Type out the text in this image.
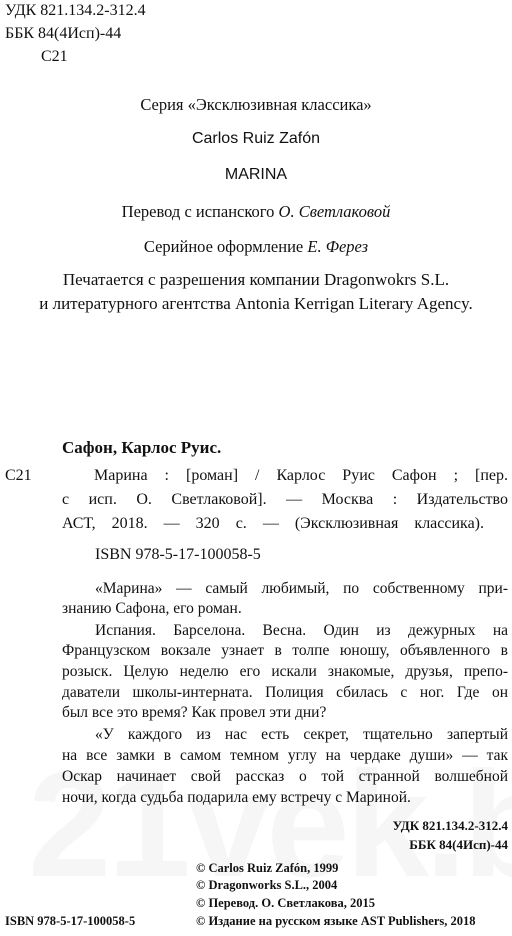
УДК 821.134.2-312.4
ББК 84(4Исп)-44
С21
Серия «Эксклюзивная классика»
Carlos Ruiz Zafón
MARINA
Перевод с испанского О. Светлаковой
Серийное оформление Е. Ферез
Печатается с разрешения компании Dragonwokrs S.L.
и литературного агентства Antonia Kerrigan Literary Agency.
Сафон, Карлос Руис.
С21	Марина : [роман] / Карлос Руис Сафон ; [пер.
с исп. О. Светлаковой]. — Москва : Издательство
АСТ, 2018. — 320 с. — (Эксклюзивная классика).
ISBN 978-5-17-100058-5
«Марина» — самый любимый, по собственному при-
знанию Сафона, его роман.
Испания. Барселона. Весна. Один из дежурных на
Французском вокзале узнает в толпе юношу, объявленного в
розыск. Целую неделю его искали знакомые, друзья, препо-
даватели школы-интерната. Полиция сбилась с ног. Где он
был все это время? Как провел эти дни?
«У каждого из нас есть секрет, тщательно запертый
на все замки в самом темном углу на чердаке души» — так
Оскар начинает свой рассказ о той странной волшебной
ночи, когда судьба подарила ему встречу с Мариной.
УДК 821.134.2-312.4
ББК 84(4Исп)-44
© Carlos Ruiz Zafón, 1999
© Dragonworks S.L., 2004
© Перевод. О. Светлакова, 2015
© Издание на русском языке AST Publishers, 2018
ISBN 978-5-17-100058-5
